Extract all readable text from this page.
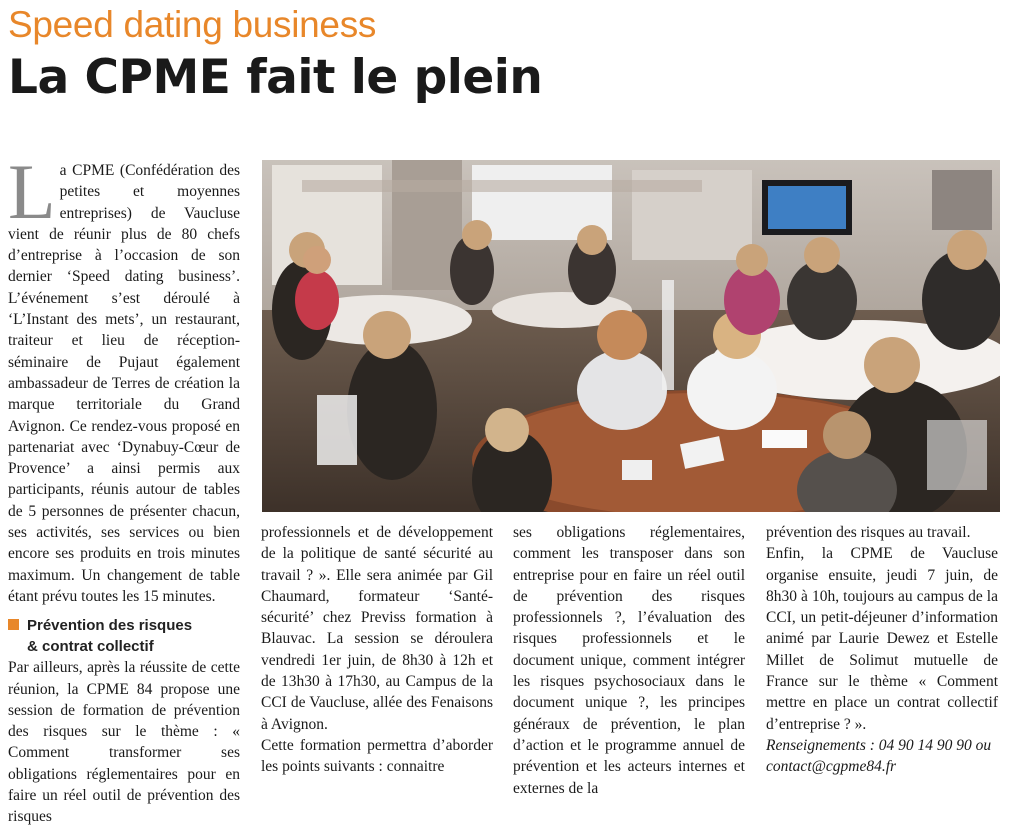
Speed dating business
La CPME fait le plein

La CPME (Confédération des petites et moyennes entreprises) de Vaucluse vient de réunir plus de 80 chefs d’entreprise à l’occasion de son dernier ‘Speed dating business’. L’événement s’est déroulé à ‘L’Instant des mets’, un restaurant, traiteur et lieu de réception-séminaire de Pujaut également ambassadeur de Terres de création la marque territoriale du Grand Avignon. Ce rendez-vous proposé en partenariat avec ‘Dynabuy-Cœur de Provence’ a ainsi permis aux participants, réunis autour de tables de 5 personnes de présenter chacun, ses activités, ses services ou bien encore ses produits en trois minutes maximum. Un changement de table étant prévu toutes les 15 minutes.

Prévention des risques
& contrat collectif

Par ailleurs, après la réussite de cette réunion, la CPME 84 propose une session de formation de prévention des risques sur le thème : « Comment transformer ses obligations réglementaires pour en faire un réel outil de prévention des risques

professionnels et de développement de la politique de santé sécurité au travail ? ». Elle sera animée par Gil Chaumard, formateur ‘Santé-sécurité’ chez Previss formation à Blauvac. La session se déroulera vendredi 1er juin, de 8h30 à 12h et de 13h30 à 17h30, au Campus de la CCI de Vaucluse, allée des Fenaisons à Avignon.

Cette formation permettra d’aborder les points suivants : connaitre

ses obligations réglementaires, comment les transposer dans son entreprise pour en faire un réel outil de prévention des risques professionnels ?, l’évaluation des risques professionnels et le document unique, comment intégrer les risques psychosociaux dans le document unique ?, les principes généraux de prévention, le plan d’action et le programme annuel de prévention et les acteurs internes et externes de la

prévention des risques au travail.

Enfin, la CPME de Vaucluse organise ensuite, jeudi 7 juin, de 8h30 à 10h, toujours au campus de la CCI, un petit-déjeuner d’information animé par Laurie Dewez et Estelle Millet de Solimut mutuelle de France sur le thème « Comment mettre en place un contrat collectif d’entreprise ? ».

Renseignements : 04 90 14 90 90 ou
contact@cgpme84.fr
